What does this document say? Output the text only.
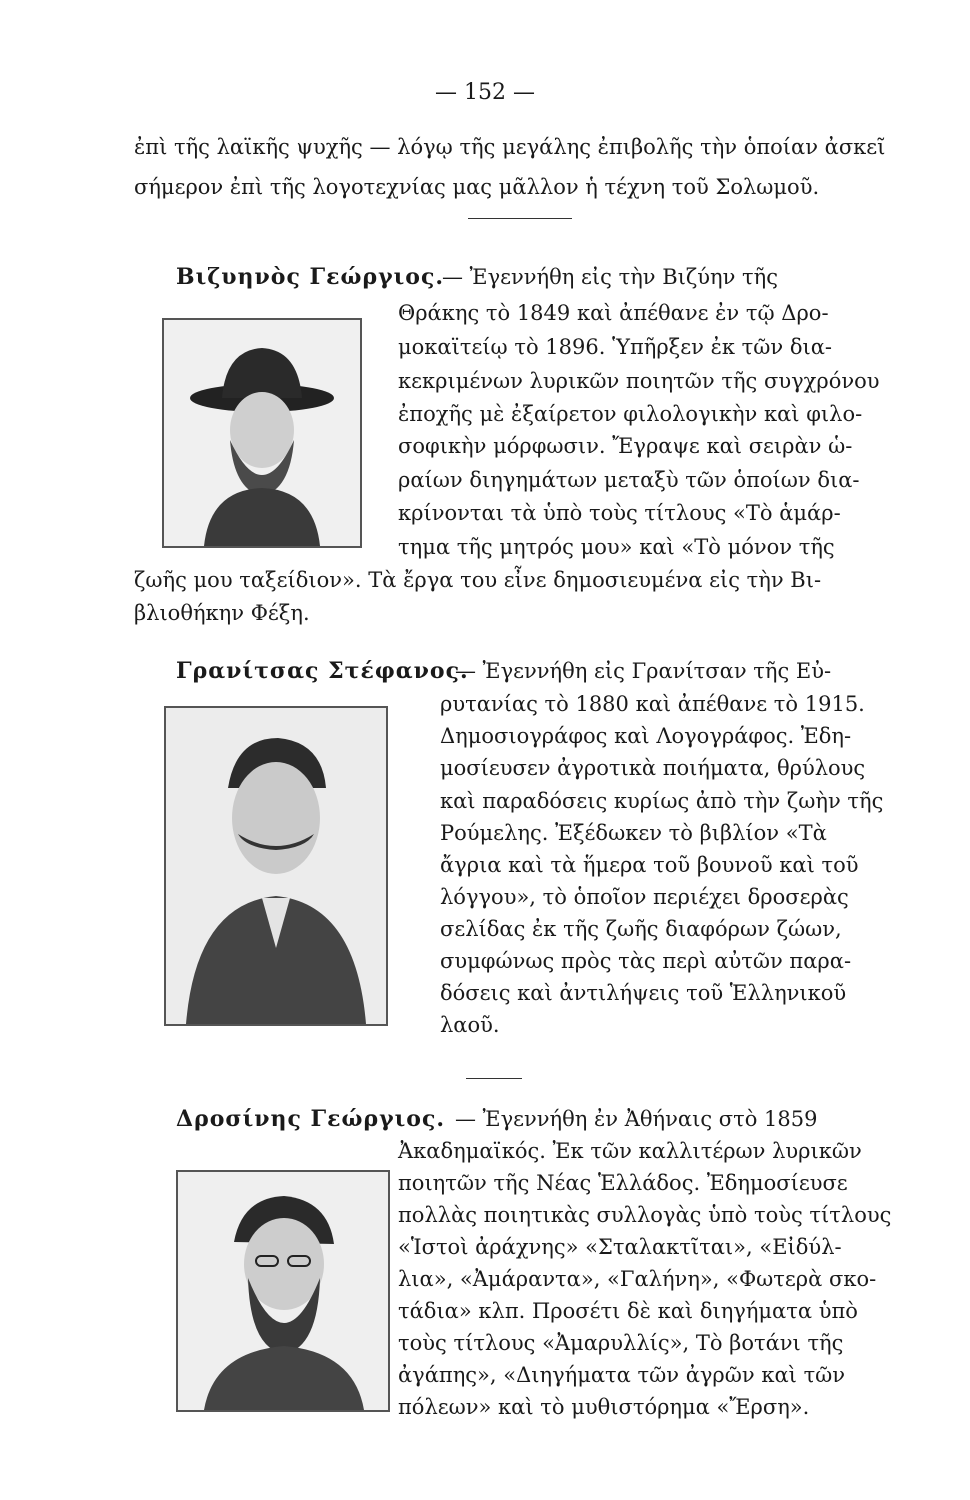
— 152 —
ἐπὶ τῆς λαϊκῆς ψυχῆς — λόγῳ τῆς μεγάλης ἐπιβολῆς τὴν ὁποίαν ἀσκεῖ
σήμερον ἐπὶ τῆς λογοτεχνίας μας μᾶλλον ἡ τέχνη τοῦ Σολωμοῦ.
Βιζυηνὸς Γεώργιος.
— Ἐγεννήθη εἰς τὴν Βιζύην τῆς
Θράκης τὸ 1849 καὶ ἀπέθανε ἐν τῷ Δρο-
μοκαϊτείῳ τὸ 1896. Ὑπῆρξεν ἐκ τῶν δια-
κεκριμένων λυρικῶν ποιητῶν τῆς συγχρόνου
ἐποχῆς μὲ ἐξαίρετον φιλολογικὴν καὶ φιλο-
σοφικὴν μόρφωσιν. Ἔγραψε καὶ σειρὰν ὡ-
ραίων διηγημάτων μεταξὺ τῶν ὁποίων δια-
κρίνονται τὰ ὑπὸ τοὺς τίτλους «Τὸ ἁμάρ-
τημα τῆς μητρός μου» καὶ «Τὸ μόνον τῆς
ζωῆς μου ταξείδιον». Τὰ ἔργα του εἶνε δημοσιευμένα εἰς τὴν Βι-
βλιοθήκην Φέξη.
Γρανίτσας Στέφανος.
— Ἐγεννήθη εἰς Γρανίτσαν τῆς Εὐ-
ρυτανίας τὸ 1880 καὶ ἀπέθανε τὸ 1915.
Δημοσιογράφος καὶ Λογογράφος. Ἐδη-
μοσίευσεν ἀγροτικὰ ποιήματα, θρύλους
καὶ παραδόσεις κυρίως ἀπὸ τὴν ζωὴν τῆς
Ρούμελης. Ἐξέδωκεν τὸ βιβλίον «Τὰ
ἄγρια καὶ τὰ ἥμερα τοῦ βουνοῦ καὶ τοῦ
λόγγου», τὸ ὁποῖον περιέχει δροσερὰς
σελίδας ἐκ τῆς ζωῆς διαφόρων ζώων,
συμφώνως πρὸς τὰς περὶ αὐτῶν παρα-
δόσεις καὶ ἀντιλήψεις τοῦ Ἑλληνικοῦ
λαοῦ.
Δροσίνης Γεώργιος. — Ἐγεννήθη ἐν Ἀθήναις στὸ 1859
Ἀκαδημαϊκός. Ἐκ τῶν καλλιτέρων λυρικῶν
ποιητῶν τῆς Νέας Ἑλλάδος. Ἐδημοσίευσε
πολλὰς ποιητικὰς συλλογὰς ὑπὸ τοὺς τίτλους
«Ἱστοὶ ἀράχνης» «Σταλακτῖται», «Εἰδύλ-
λια», «Ἀμάραντα», «Γαλήνη», «Φωτερὰ σκο-
τάδια» κλπ. Προσέτι δὲ καὶ διηγήματα ὑπὸ
τοὺς τίτλους «Ἀμαρυλλίς», Τὸ βοτάνι τῆς
ἀγάπης», «Διηγήματα τῶν ἀγρῶν καὶ τῶν
πόλεων» καὶ τὸ μυθιστόρημα «Ἔρση».
